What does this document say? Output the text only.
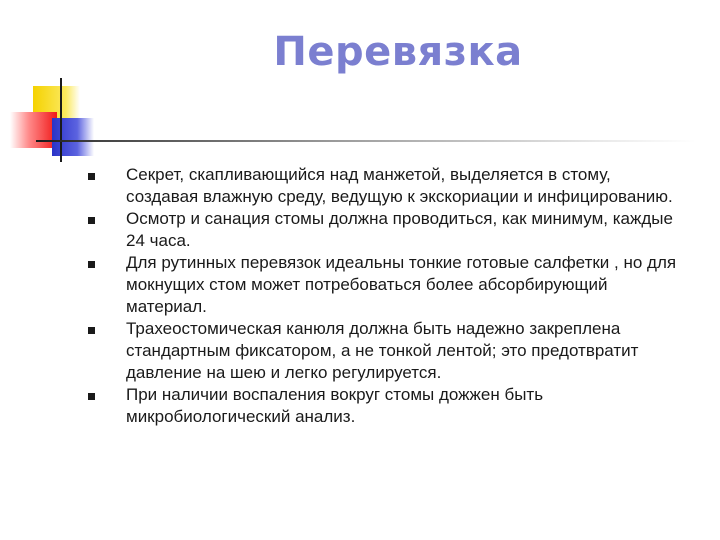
Перевязка
Секрет, скапливающийся над манжетой, выделяется в стому, создавая влажную среду, ведущую к экскориации и инфицированию.
Осмотр и санация стомы должна проводиться, как минимум, каждые 24 часа.
Для рутинных перевязок идеальны тонкие готовые салфетки , но для мокнущих стом может потребоваться более абсорбирующий материал.
Трахеостомическая канюля должна быть надежно закреплена стандартным фиксатором, а не тонкой лентой; это предотвратит давление на шею и легко регулируется.
При наличии воспаления вокруг стомы дожжен быть микробиологический анализ.
